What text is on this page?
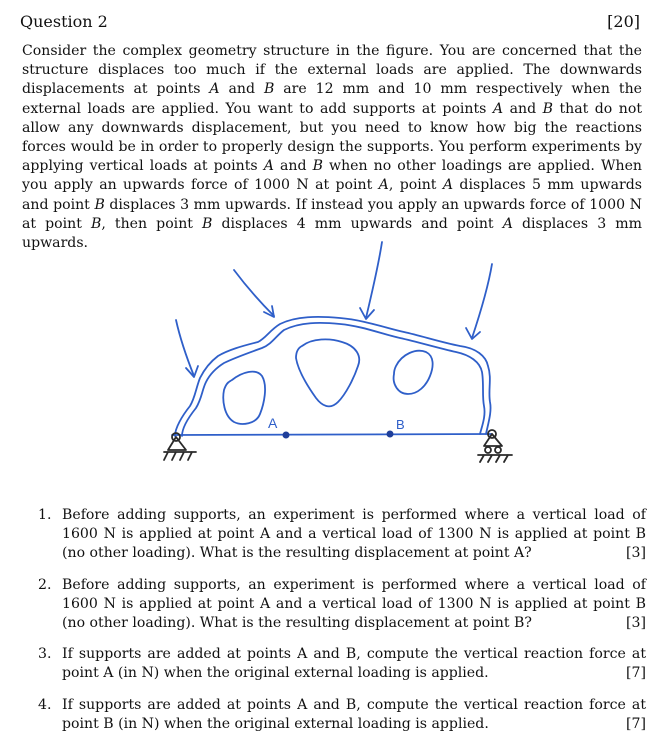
Question 2	[20]
Consider the complex geometry structure in the figure. You are concerned that the structure displaces too much if the external loads are applied. The downwards displacements at points A and B are 12 mm and 10 mm respectively when the external loads are applied. You want to add supports at points A and B that do not allow any downwards displacement, but you need to know how big the reactions forces would be in order to properly design the supports. You perform experiments by applying vertical loads at points A and B when no other loadings are applied. When you apply an upwards force of 1000 N at point A, point A displaces 5 mm upwards and point B displaces 3 mm upwards. If instead you apply an upwards force of 1000 N at point B, then point B displaces 4 mm upwards and point A displaces 3 mm upwards.
A	B
1. Before adding supports, an experiment is performed where a vertical load of 1600 N is applied at point A and a vertical load of 1300 N is applied at point B (no other loading). What is the resulting displacement at point A?	[3]
2. Before adding supports, an experiment is performed where a vertical load of 1600 N is applied at point A and a vertical load of 1300 N is applied at point B (no other loading). What is the resulting displacement at point B?	[3]
3. If supports are added at points A and B, compute the vertical reaction force at point A (in N) when the original external loading is applied.	[7]
4. If supports are added at points A and B, compute the vertical reaction force at point B (in N) when the original external loading is applied.	[7]
